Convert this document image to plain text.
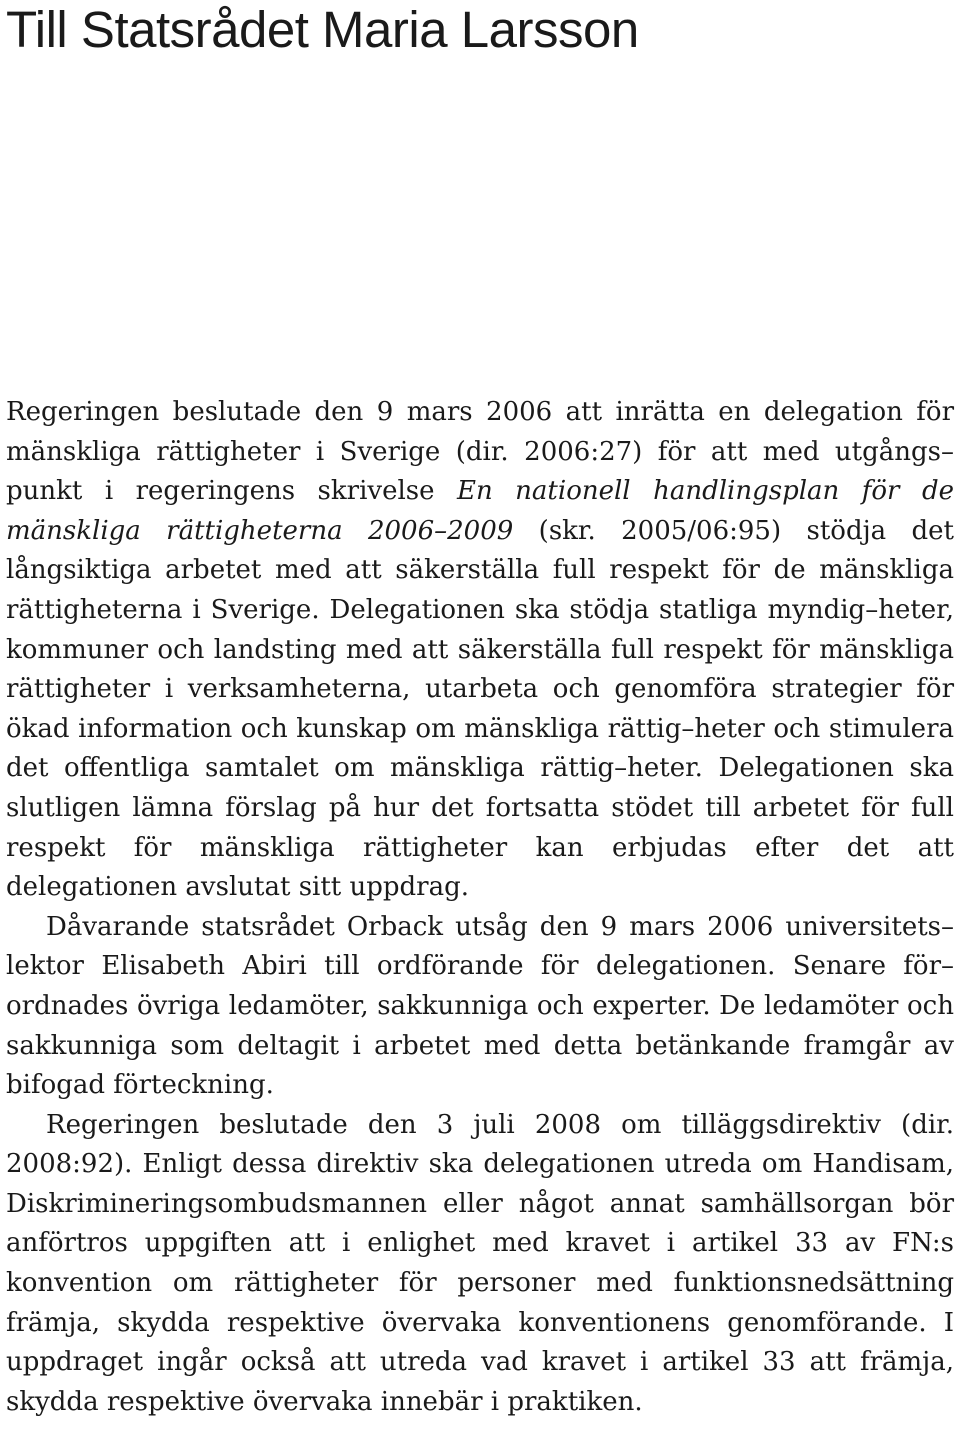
Till Statsrådet Maria Larsson

Regeringen beslutade den 9 mars 2006 att inrätta en delegation för mänskliga rättigheter i Sverige (dir. 2006:27) för att med utgångs–punkt i regeringens skrivelse En nationell handlingsplan för de mänskliga rättigheterna 2006–2009 (skr. 2005/06:95) stödja det långsiktiga arbetet med att säkerställa full respekt för de mänskliga rättigheterna i Sverige. Delegationen ska stödja statliga myndig–heter, kommuner och landsting med att säkerställa full respekt för mänskliga rättigheter i verksamheterna, utarbeta och genomföra strategier för ökad information och kunskap om mänskliga rättig–heter och stimulera det offentliga samtalet om mänskliga rättig–heter. Delegationen ska slutligen lämna förslag på hur det fortsatta stödet till arbetet för full respekt för mänskliga rättigheter kan erbjudas efter det att delegationen avslutat sitt uppdrag.

Dåvarande statsrådet Orback utsåg den 9 mars 2006 universitets–lektor Elisabeth Abiri till ordförande för delegationen. Senare för–ordnades övriga ledamöter, sakkunniga och experter. De ledamöter och sakkunniga som deltagit i arbetet med detta betänkande framgår av bifogad förteckning.

Regeringen beslutade den 3 juli 2008 om tilläggsdirektiv (dir. 2008:92). Enligt dessa direktiv ska delegationen utreda om Handisam, Diskrimineringsombudsmannen eller något annat samhällsorgan bör anförtros uppgiften att i enlighet med kravet i artikel 33 av FN:s konvention om rättigheter för personer med funktionsnedsättning främja, skydda respektive övervaka konventionens genomförande. I uppdraget ingår också att utreda vad kravet i artikel 33 att främja, skydda respektive övervaka innebär i praktiken.
